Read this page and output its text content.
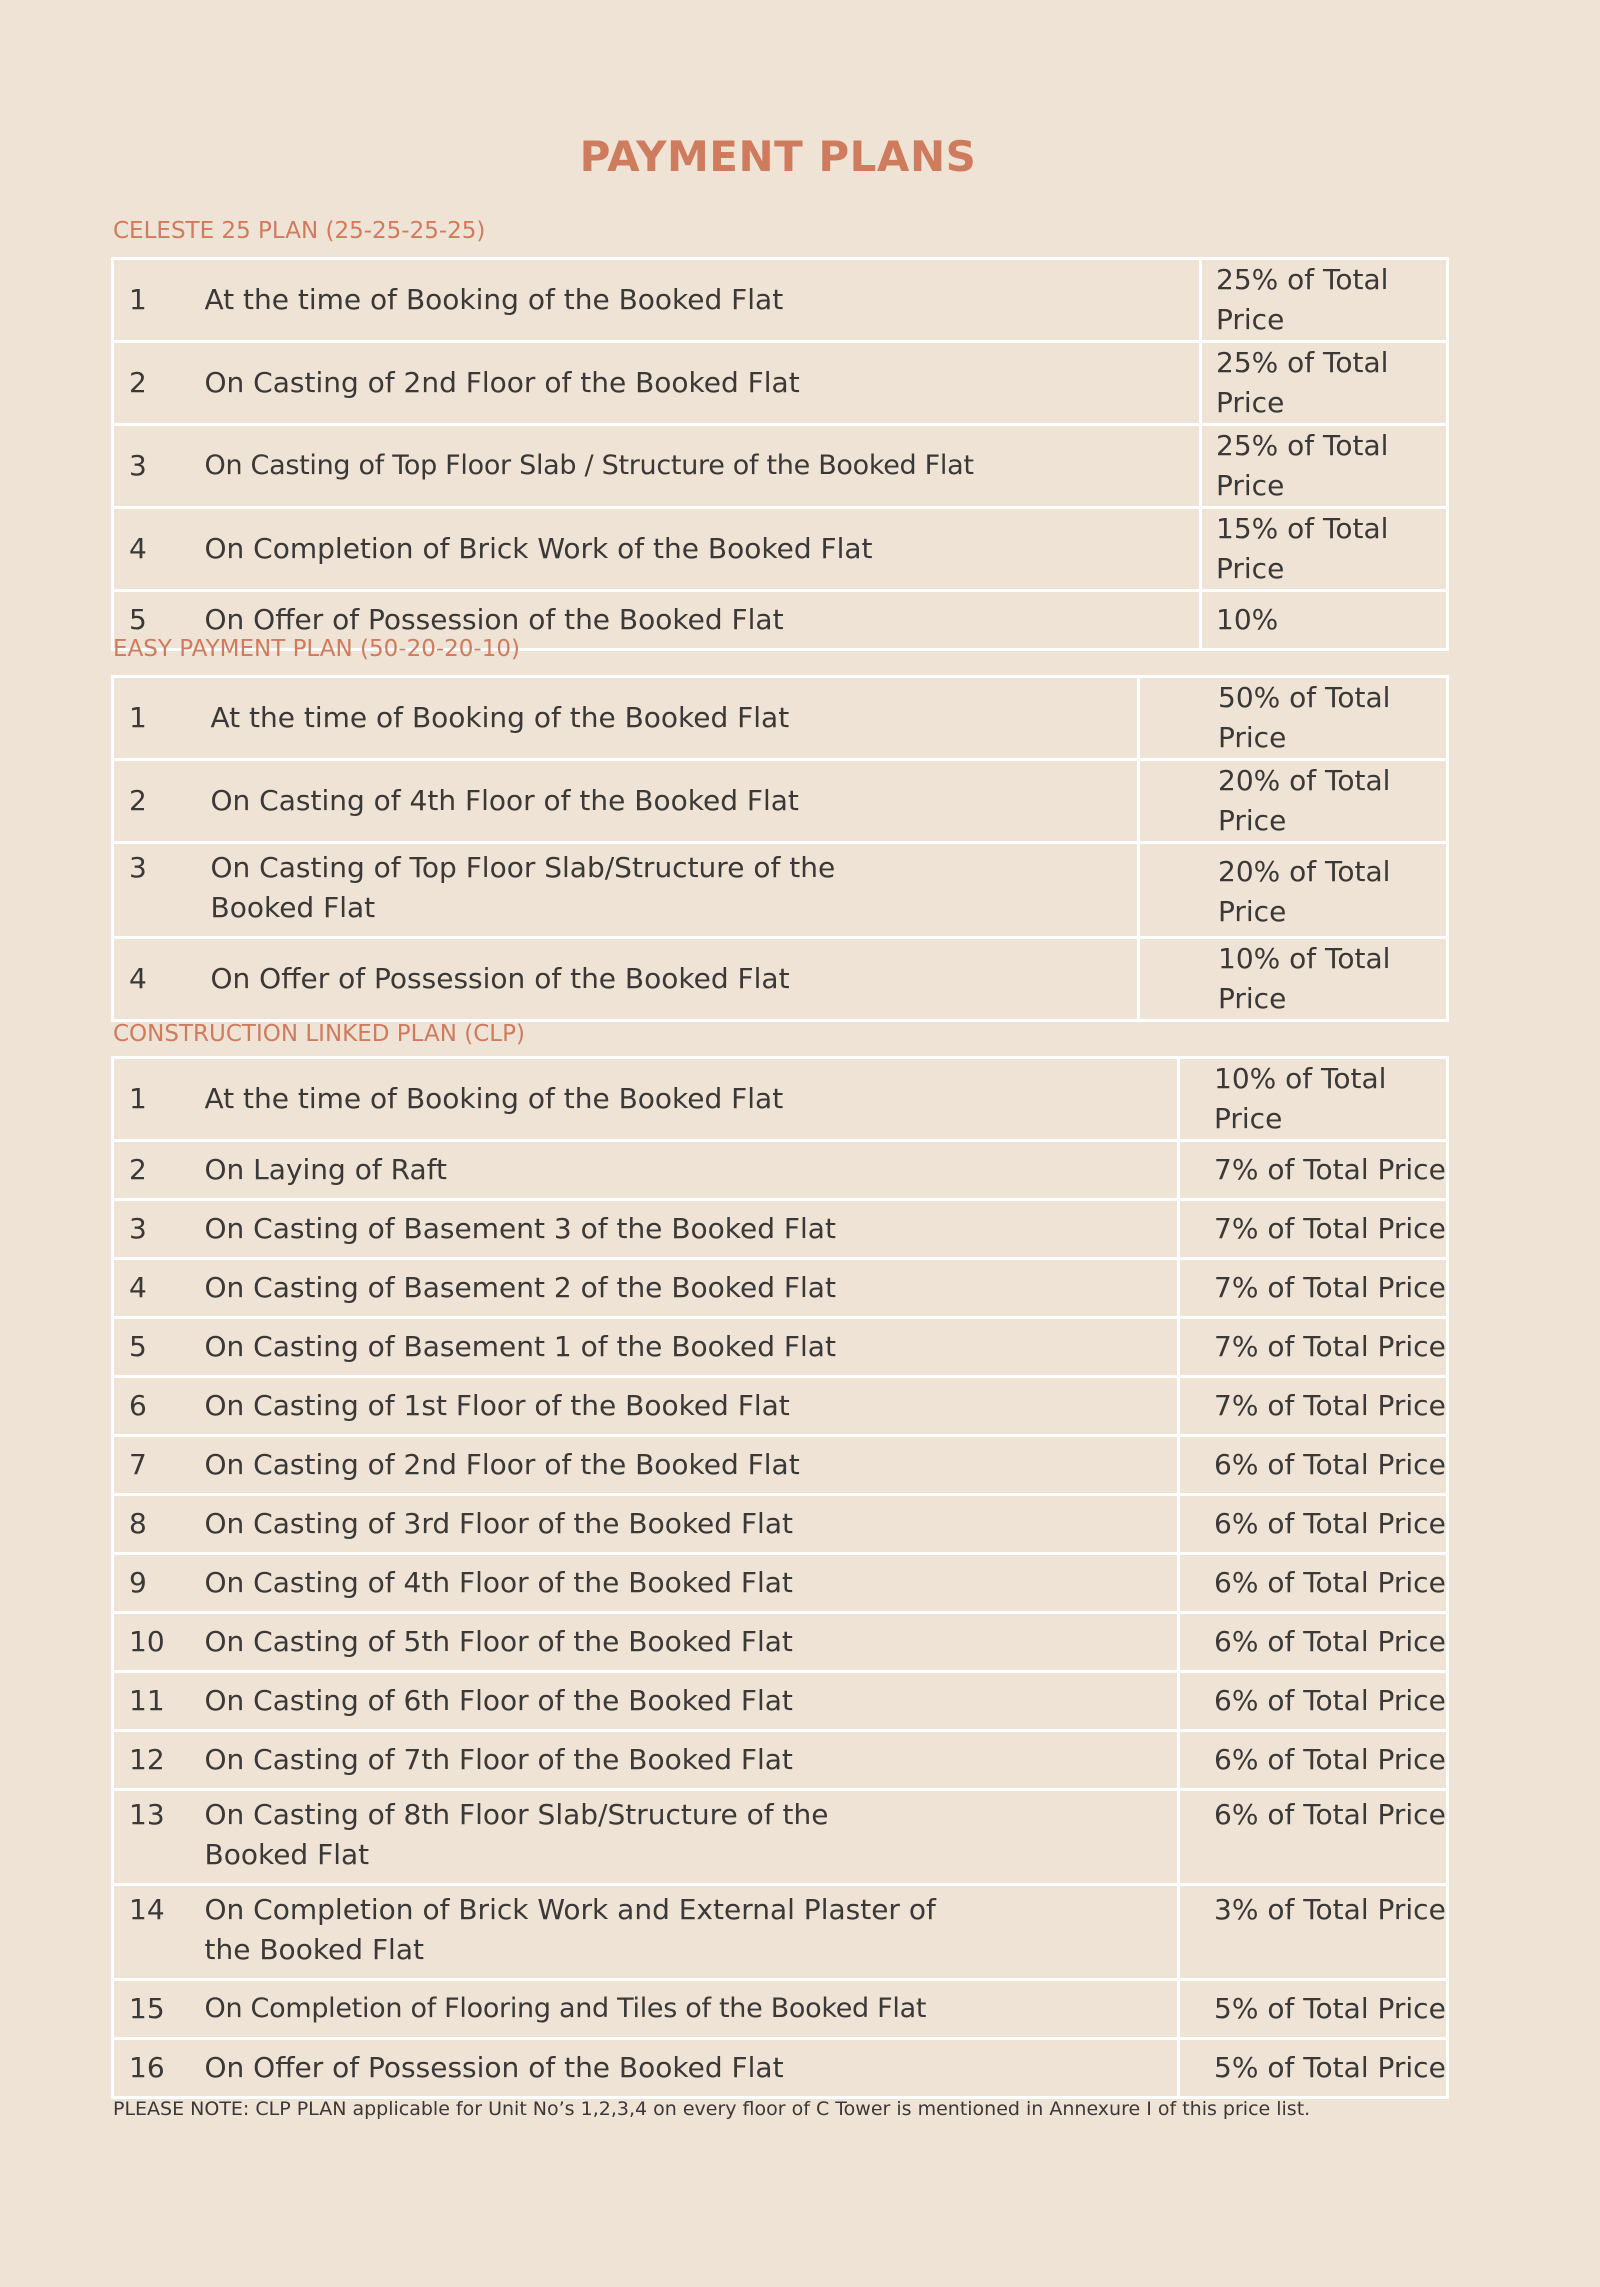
PAYMENT PLANS
CELESTE 25 PLAN (25-25-25-25)
1	At the time of Booking of the Booked Flat	25% of Total Price
2	On Casting of 2nd Floor of the Booked Flat	25% of Total Price
3	On Casting of Top Floor Slab / Structure of the Booked Flat	25% of Total Price
4	On Completion of Brick Work of the Booked Flat	15% of Total Price
5	On Offer of Possession of the Booked Flat	10%
EASY PAYMENT PLAN (50-20-20-10)
1	At the time of Booking of the Booked Flat	50% of Total Price
2	On Casting of 4th Floor of the Booked Flat	20% of Total Price
3	On Casting of Top Floor Slab/Structure of the
Booked Flat	20% of Total Price
4	On Offer of Possession of the Booked Flat	10% of Total Price
CONSTRUCTION LINKED PLAN (CLP)
1	At the time of Booking of the Booked Flat	10% of Total Price
2	On Laying of Raft	7% of Total Price
3	On Casting of Basement 3 of the Booked Flat	7% of Total Price
4	On Casting of Basement 2 of the Booked Flat	7% of Total Price
5	On Casting of Basement 1 of the Booked Flat	7% of Total Price
6	On Casting of 1st Floor of the Booked Flat	7% of Total Price
7	On Casting of 2nd Floor of the Booked Flat	6% of Total Price
8	On Casting of 3rd Floor of the Booked Flat	6% of Total Price
9	On Casting of 4th Floor of the Booked Flat	6% of Total Price
10	On Casting of 5th Floor of the Booked Flat	6% of Total Price
11	On Casting of 6th Floor of the Booked Flat	6% of Total Price
12	On Casting of 7th Floor of the Booked Flat	6% of Total Price
13	On Casting of 8th Floor Slab/Structure of the
Booked Flat	6% of Total Price
14	On Completion of Brick Work and External Plaster of
the Booked Flat	3% of Total Price
15	On Completion of Flooring and Tiles of the Booked Flat	5% of Total Price
16	On Offer of Possession of the Booked Flat	5% of Total Price
PLEASE NOTE: CLP PLAN applicable for Unit No’s 1,2,3,4 on every floor of C Tower is mentioned in Annexure I of this price list.
